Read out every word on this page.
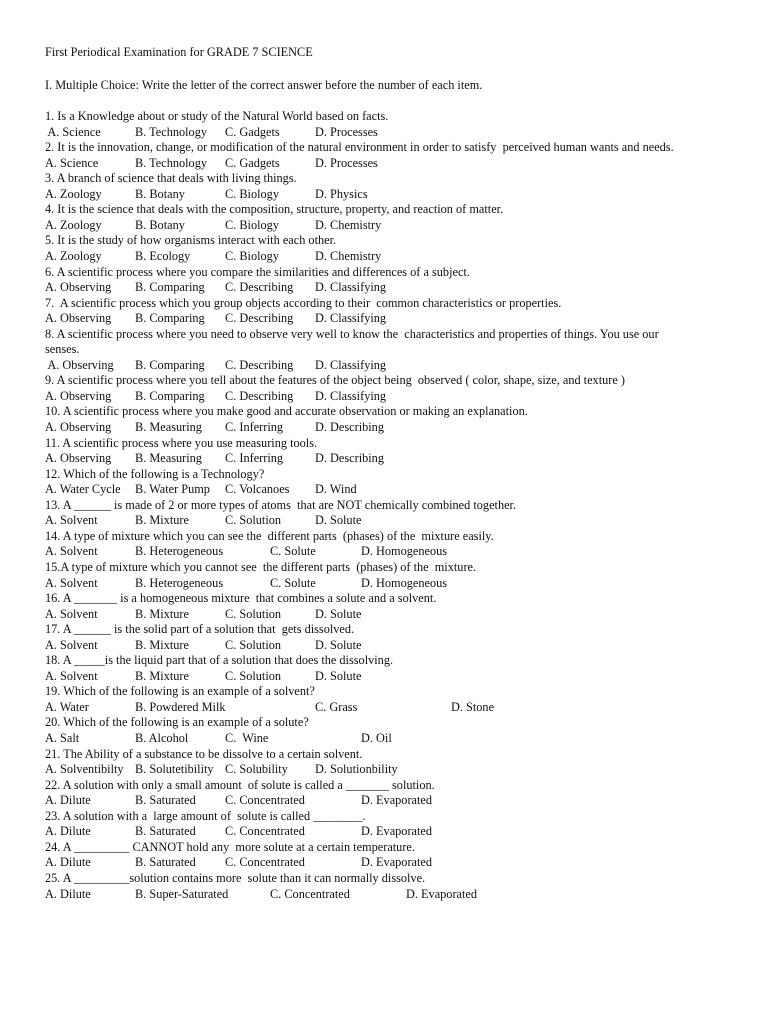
First Periodical Examination for GRADE 7 SCIENCE
I. Multiple Choice: Write the letter of the correct answer before the number of each item.
1. Is a Knowledge about or study of the Natural World based on facts.
A. Science	B. Technology C. Gadgets	D. Processes
2. It is the innovation, change, or modification of the natural environment in order to satisfy  perceived human wants and needs.
A. Science	B. Technology C. Gadgets	D. Processes
3. A branch of science that deals with living things.
A. Zoology	B. Botany	C. Biology	D. Physics
4. It is the science that deals with the composition, structure, property, and reaction of matter.
A. Zoology	B. Botany	C. Biology	D. Chemistry
5. It is the study of how organisms interact with each other.
A. Zoology	B. Ecology	C. Biology	D. Chemistry
6. A scientific process where you compare the similarities and differences of a subject.
A. Observing B. Comparing C. Describing D. Classifying
7.  A scientific process which you group objects according to their  common characteristics or properties.
A. Observing B. Comparing C. Describing D. Classifying
8. A scientific process where you need to observe very well to know the  characteristics and properties of things. You use our
senses.
A. Observing B. Comparing C. Describing D. Classifying
9. A scientific process where you tell about the features of the object being  observed ( color, shape, size, and texture )
A. Observing B. Comparing C. Describing D. Classifying
10. A scientific process where you make good and accurate observation or making an explanation.
A. Observing B. Measuring C. Inferring	D. Describing
11. A scientific process where you use measuring tools.
A. Observing B. Measuring C. Inferring	D. Describing
12. Which of the following is a Technology?
A. Water Cycle B. Water Pump C. Volcanoes D. Wind
13. A ______ is made of 2 or more types of atoms  that are NOT chemically combined together.
A. Solvent	B. Mixture	C. Solution	D. Solute
14. A type of mixture which you can see the  different parts  (phases) of the  mixture easily.
A. Solvent	B. Heterogeneous	C. Solute	D. Homogeneous
15.A type of mixture which you cannot see  the different parts  (phases) of the  mixture.
A. Solvent	B. Heterogeneous	C. Solute	D. Homogeneous
16. A _______ is a homogeneous mixture  that combines a solute and a solvent.
A. Solvent	B. Mixture	C. Solution	D. Solute
17. A ______ is the solid part of a solution that  gets dissolved.
A. Solvent	B. Mixture	C. Solution	D. Solute
18. A _____is the liquid part that of a solution that does the dissolving.
A. Solvent	B. Mixture	C. Solution	D. Solute
19. Which of the following is an example of a solvent?
A. Water	B. Powdered Milk	C. Grass	D. Stone
20. Which of the following is an example of a solute?
A. Salt	B. Alcohol	C.  Wine	D. Oil
21. The Ability of a substance to be dissolve to a certain solvent.
A. Solventibilty B. Solutetibility C. Solubility D. Solutionbility
22. A solution with only a small amount  of solute is called a _______ solution.
A. Dilute	B. Saturated C. Concentrated	D. Evaporated
23. A solution with a  large amount of  solute is called ________.
A. Dilute	B. Saturated C. Concentrated	D. Evaporated
24. A _________ CANNOT hold any  more solute at a certain temperature.
A. Dilute	B. Saturated C. Concentrated	D. Evaporated
25. A _________solution contains more  solute than it can normally dissolve.
A. Dilute	B. Super-Saturated	C. Concentrated	D. Evaporated
